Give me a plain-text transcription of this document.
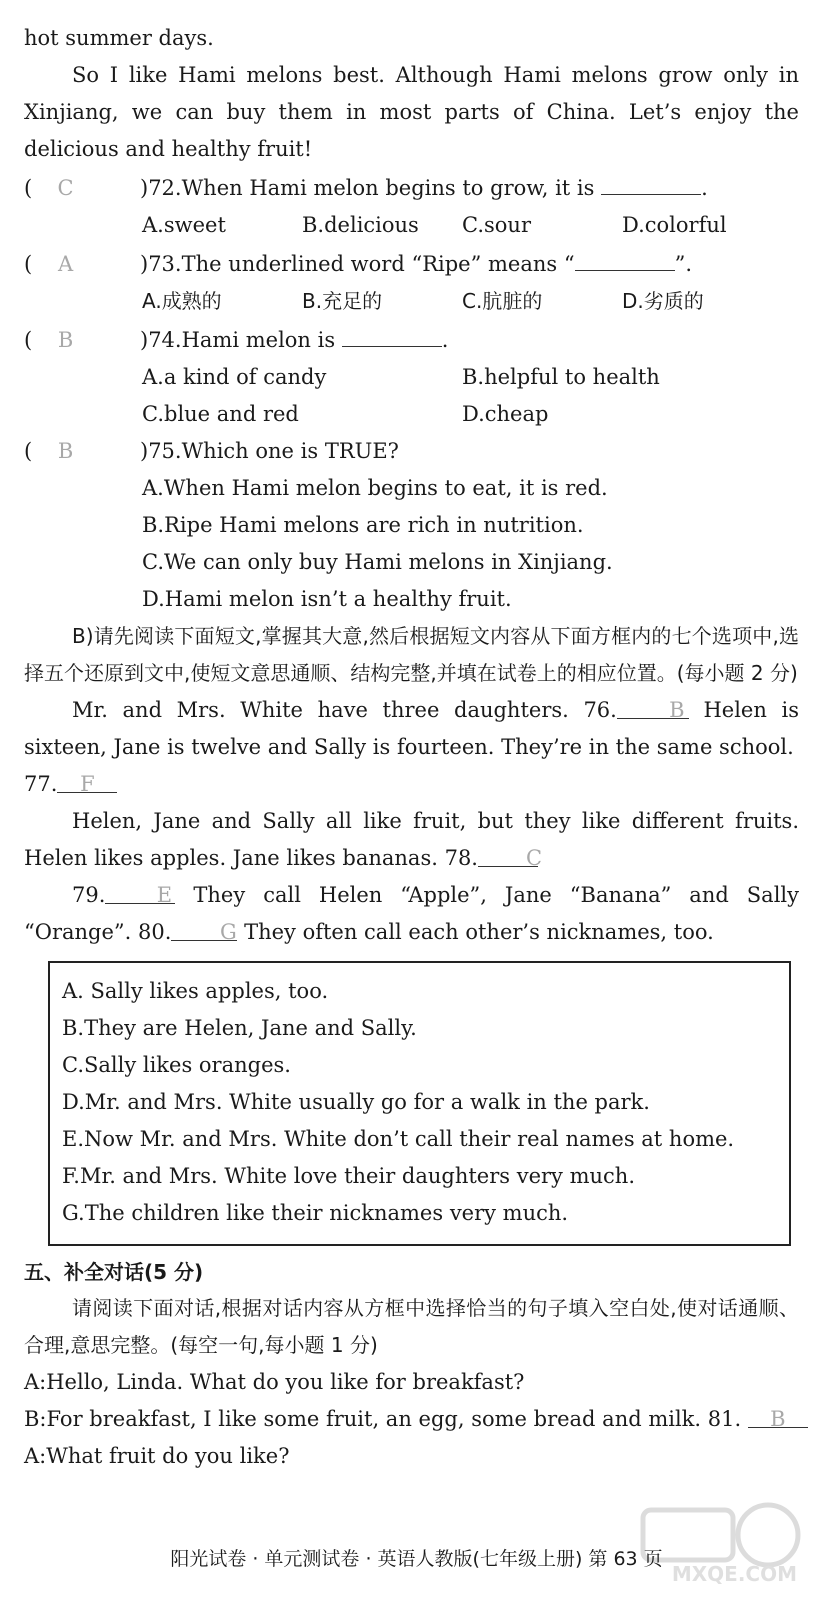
hot summer days.
So I like Hami melons best. Although Hami melons grow only in Xinjiang, we can buy them in most parts of China. Let’s enjoy the delicious and healthy fruit!
(  C	)72.When Hami melon begins to grow, it is	.
A.sweet	B.delicious	C.sour	D.colorful
(  A	)73.The underlined word “Ripe” means “	”.
A.成熟的	B.充足的	C.肮脏的	D.劣质的
(  B	)74.Hami melon is	.
A.a kind of candy	B.helpful to health
C.blue and red	D.cheap
(  B	)75.Which one is TRUE?
A.When Hami melon begins to eat, it is red.
B.Ripe Hami melons are rich in nutrition.
C.We can only buy Hami melons in Xinjiang.
D.Hami melon isn’t a healthy fruit.
B)请先阅读下面短文,掌握其大意,然后根据短文内容从下面方框内的七个选项中,选择五个还原到文中,使短文意思通顺、结构完整,并填在试卷上的相应位置。(每小题 2 分)
Mr. and Mrs. White have three daughters. 76. B Helen is sixteen, Jane is twelve and Sally is fourteen. They’re in the same school.
77. F
Helen, Jane and Sally all like fruit, but they like different fruits. Helen likes apples. Jane likes bananas. 78. C
79. E They call Helen “Apple”, Jane “Banana” and Sally “Orange”. 80. G They often call each other’s nicknames, too.
A. Sally likes apples, too.
B.They are Helen, Jane and Sally.
C.Sally likes oranges.
D.Mr. and Mrs. White usually go for a walk in the park.
E.Now Mr. and Mrs. White don’t call their real names at home.
F.Mr. and Mrs. White love their daughters very much.
G.The children like their nicknames very much.
五、补全对话(5 分)
请阅读下面对话,根据对话内容从方框中选择恰当的句子填入空白处,使对话通顺、合理,意思完整。(每空一句,每小题 1 分)
A:Hello, Linda. What do you like for breakfast?
B:For breakfast, I like some fruit, an egg, some bread and milk. 81. B
A:What fruit do you like?
MXQE.COM
阳光试卷 · 单元测试卷 · 英语人教版(七年级上册) 第 63 页
